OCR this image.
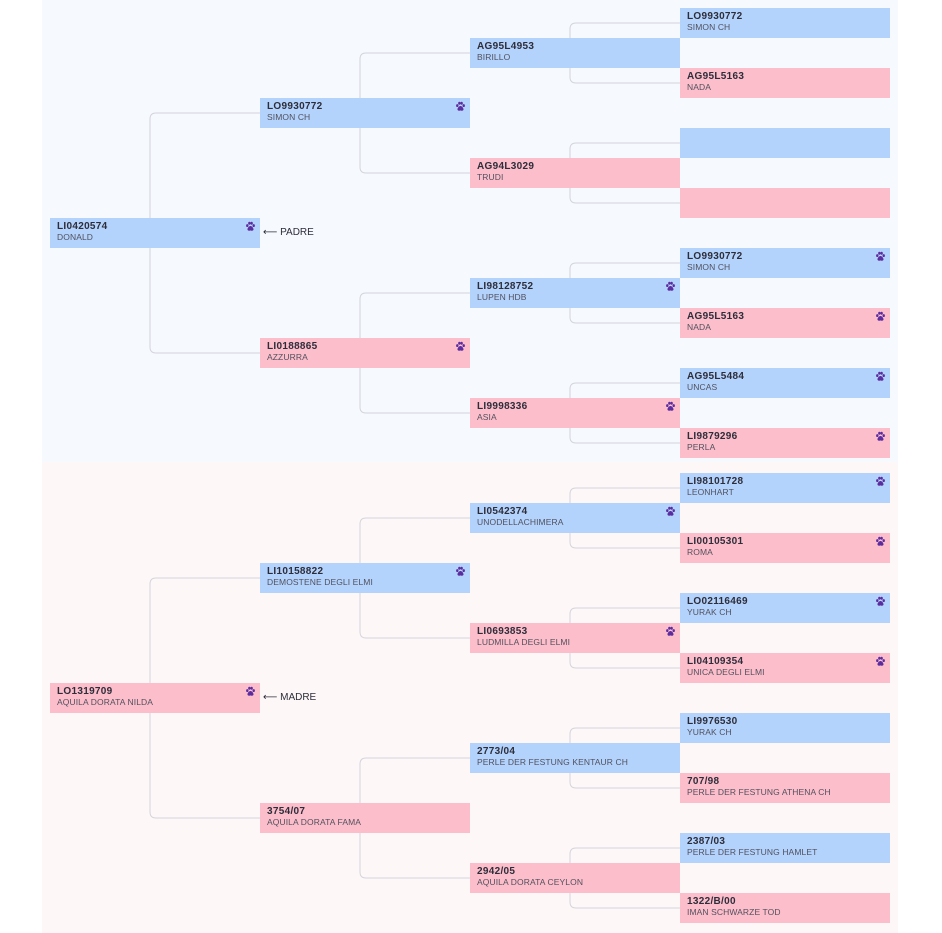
LI0420574
DONALD
LO1319709
AQUILA DORATA NILDA
LO9930772
SIMON CH
LI0188865
AZZURRA
LI10158822
DEMOSTENE DEGLI ELMI
3754/07
AQUILA DORATA FAMA
AG95L4953
BIRILLO
AG94L3029
TRUDI
LI98128752
LUPEN HDB
LI9998336
ASIA
LI0542374
UNODELLACHIMERA
LI0693853
LUDMILLA DEGLI ELMI
2773/04
PERLE DER FESTUNG KENTAUR CH
2942/05
AQUILA DORATA CEYLON
LO9930772
SIMON CH
AG95L5163
NADA
LO9930772
SIMON CH
AG95L5163
NADA
AG95L5484
UNCAS
LI9879296
PERLA
LI98101728
LEONHART
LI00105301
ROMA
LO02116469
YURAK CH
LI04109354
UNICA DEGLI ELMI
LI9976530
YURAK CH
707/98
PERLE DER FESTUNG ATHENA CH
2387/03
PERLE DER FESTUNG HAMLET
1322/B/00
IMAN SCHWARZE TOD
⟵ PADRE
⟵ MADRE
